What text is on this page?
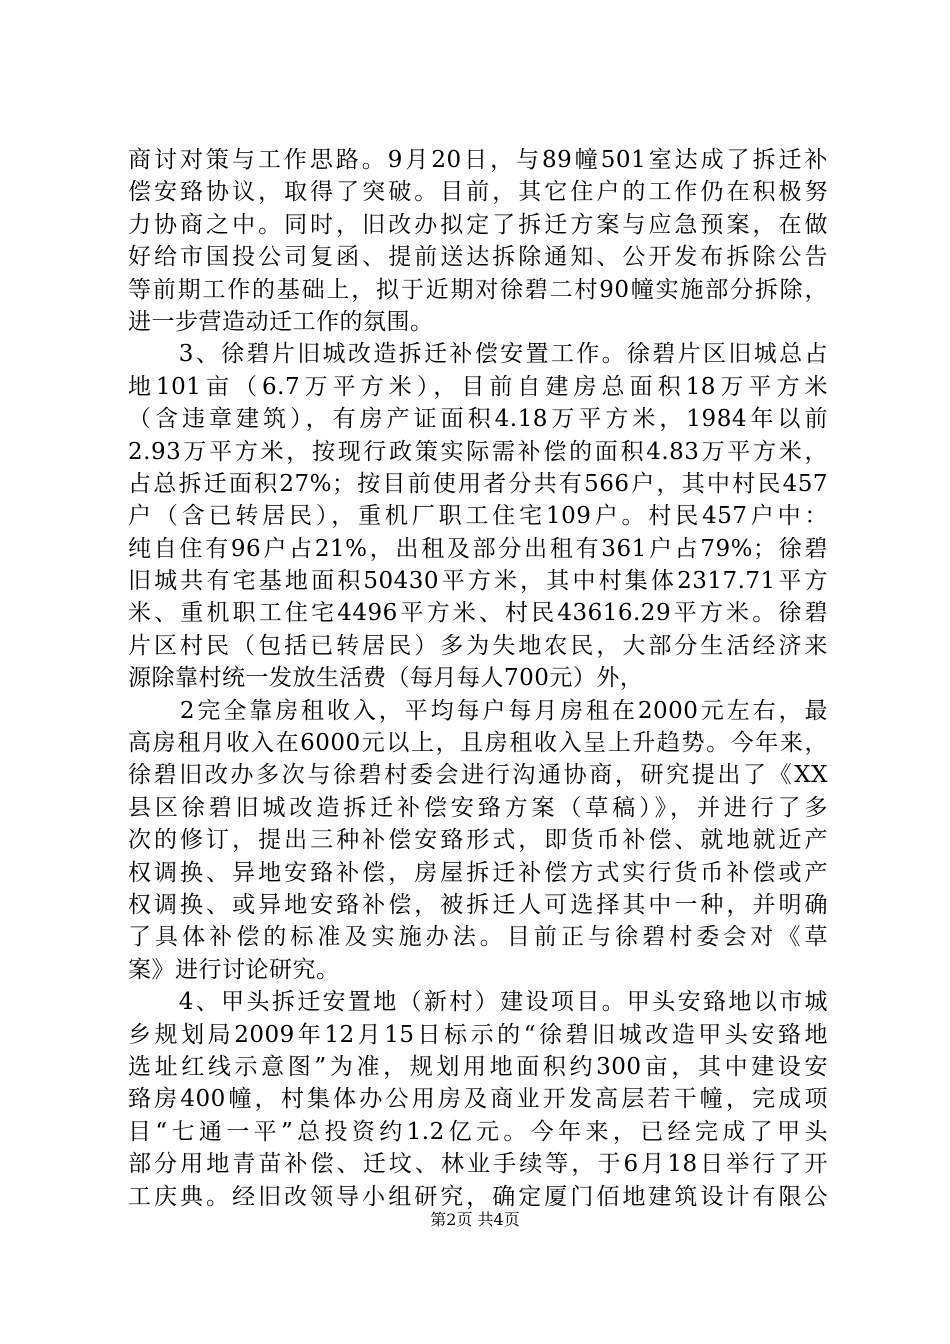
商讨对策与工作思路。9月20日，与89幢501室达成了拆迁补
偿安臵协议，取得了突破。目前，其它住户的工作仍在积极努
力协商之中。同时，旧改办拟定了拆迁方案与应急预案，在做
好给市国投公司复函、提前送达拆除通知、公开发布拆除公告
等前期工作的基础上，拟于近期对徐碧二村90幢实施部分拆除，
进一步营造动迁工作的氛围。
　　3、徐碧片旧城改造拆迁补偿安置工作。徐碧片区旧城总占
地101亩（6.7万平方米），目前自建房总面积18万平方米
（含违章建筑），有房产证面积4.18万平方米，1984年以前
2.93万平方米，按现行政策实际需补偿的面积4.83万平方米，
占总拆迁面积27%；按目前使用者分共有566户，其中村民457
户（含已转居民），重机厂职工住宅109户。村民457户中：
纯自住有96户占21%，出租及部分出租有361户占79%；徐碧
旧城共有宅基地面积50430平方米，其中村集体2317.71平方
米、重机职工住宅4496平方米、村民43616.29平方米。徐碧
片区村民（包括已转居民）多为失地农民，大部分生活经济来
源除靠村统一发放生活费（每月每人700元）外，
　　2完全靠房租收入，平均每户每月房租在2000元左右，最
高房租月收入在6000元以上，且房租收入呈上升趋势。今年来，
徐碧旧改办多次与徐碧村委会进行沟通协商，研究提出了《XX
县区徐碧旧城改造拆迁补偿安臵方案（草稿）》，并进行了多
次的修订，提出三种补偿安臵形式，即货币补偿、就地就近产
权调换、异地安臵补偿，房屋拆迁补偿方式实行货币补偿或产
权调换、或异地安臵补偿，被拆迁人可选择其中一种，并明确
了具体补偿的标准及实施办法。目前正与徐碧村委会对《草
案》进行讨论研究。
　　4、甲头拆迁安置地（新村）建设项目。甲头安臵地以市城
乡规划局2009年12月15日标示的“徐碧旧城改造甲头安臵地
选址红线示意图”为准，规划用地面积约300亩，其中建设安
臵房400幢，村集体办公用房及商业开发高层若干幢，完成项
目“七通一平”总投资约1.2亿元。今年来，已经完成了甲头
部分用地青苗补偿、迁坟、林业手续等，于6月18日举行了开
工庆典。经旧改领导小组研究，确定厦门佰地建筑设计有限公
第2页 共4页
